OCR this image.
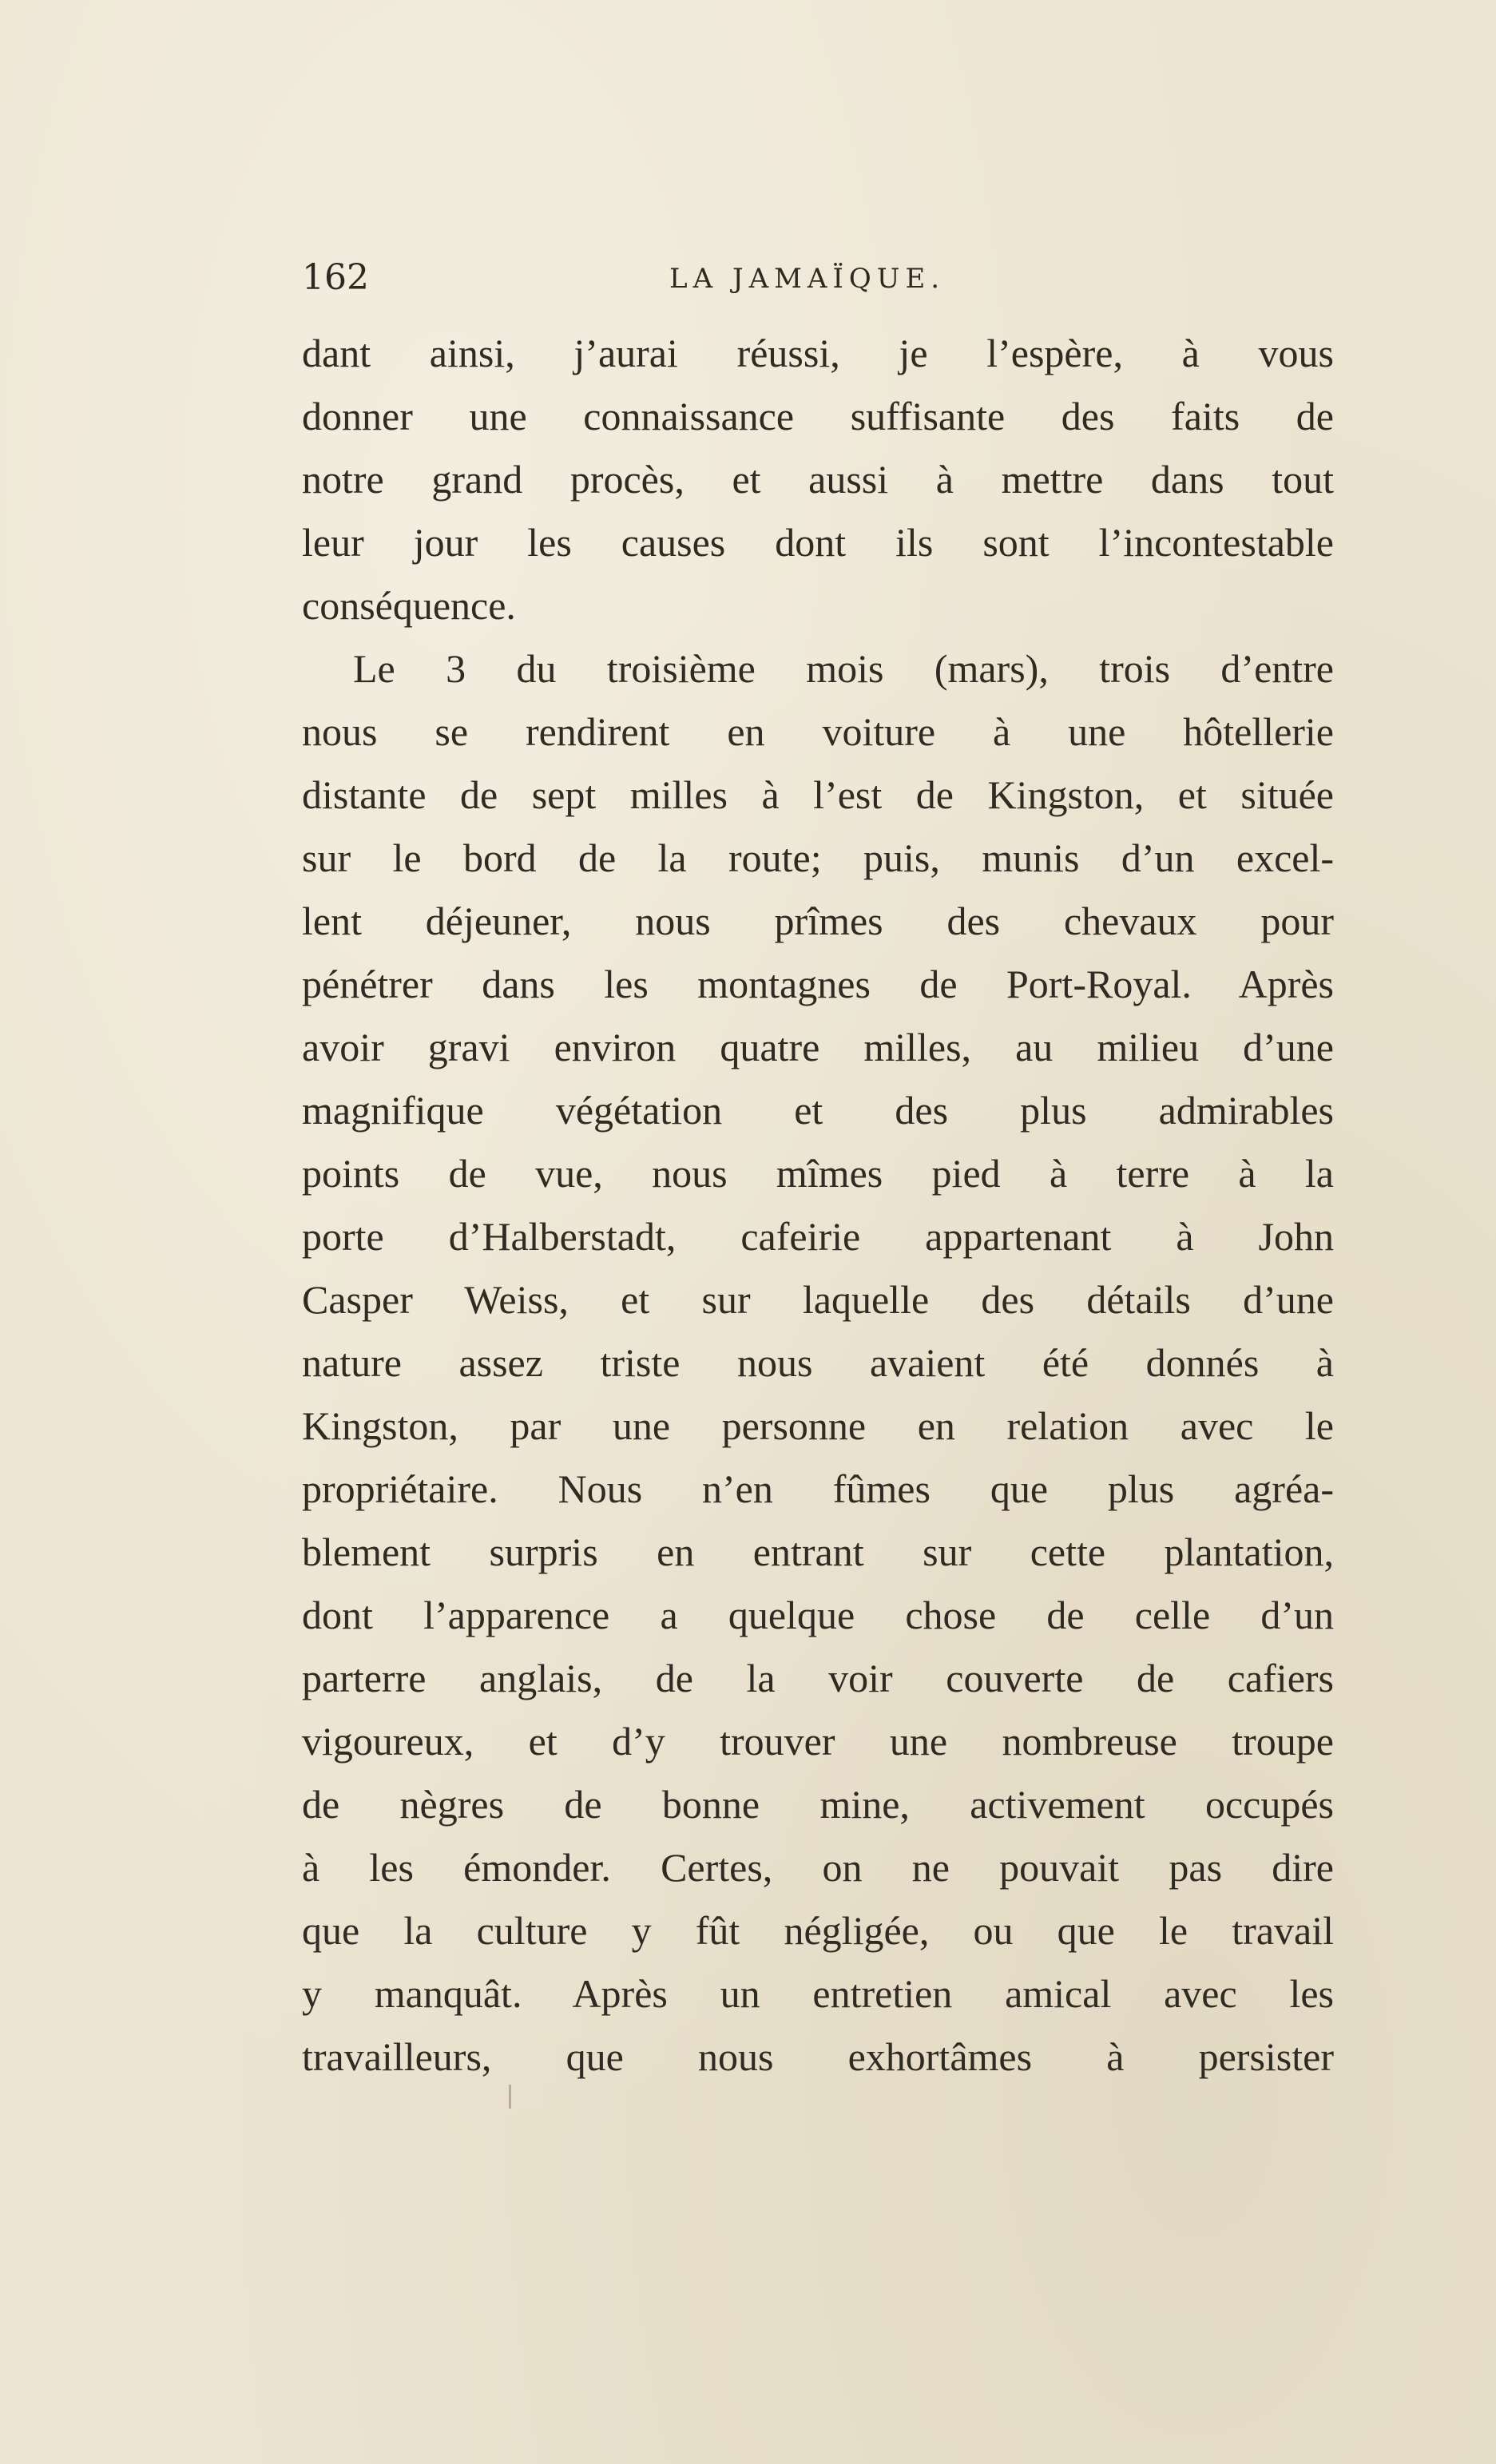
162	LA JAMAÏQUE.
dant ainsi, j’aurai réussi, je l’espère, à vous
donner une connaissance suffisante des faits de
notre grand procès, et aussi à mettre dans tout
leur jour les causes dont ils sont l’incontestable
conséquence.
Le 3 du troisième mois (mars), trois d’entre
nous se rendirent en voiture à une hôtellerie
distante de sept milles à l’est de Kingston, et située
sur le bord de la route; puis, munis d’un excel-
lent déjeuner, nous prîmes des chevaux pour
pénétrer dans les montagnes de Port-Royal. Après
avoir gravi environ quatre milles, au milieu d’une
magnifique végétation et des plus admirables
points de vue, nous mîmes pied à terre à la
porte d’Halberstadt, cafeirie appartenant à John
Casper Weiss, et sur laquelle des détails d’une
nature assez triste nous avaient été donnés à
Kingston, par une personne en relation avec le
propriétaire. Nous n’en fûmes que plus agréa-
blement surpris en entrant sur cette plantation,
dont l’apparence a quelque chose de celle d’un
parterre anglais, de la voir couverte de cafiers
vigoureux, et d’y trouver une nombreuse troupe
de nègres de bonne mine, activement occupés
à les émonder. Certes, on ne pouvait pas dire
que la culture y fût négligée, ou que le travail
y manquât. Après un entretien amical avec les
travailleurs, que nous exhortâmes à persister
